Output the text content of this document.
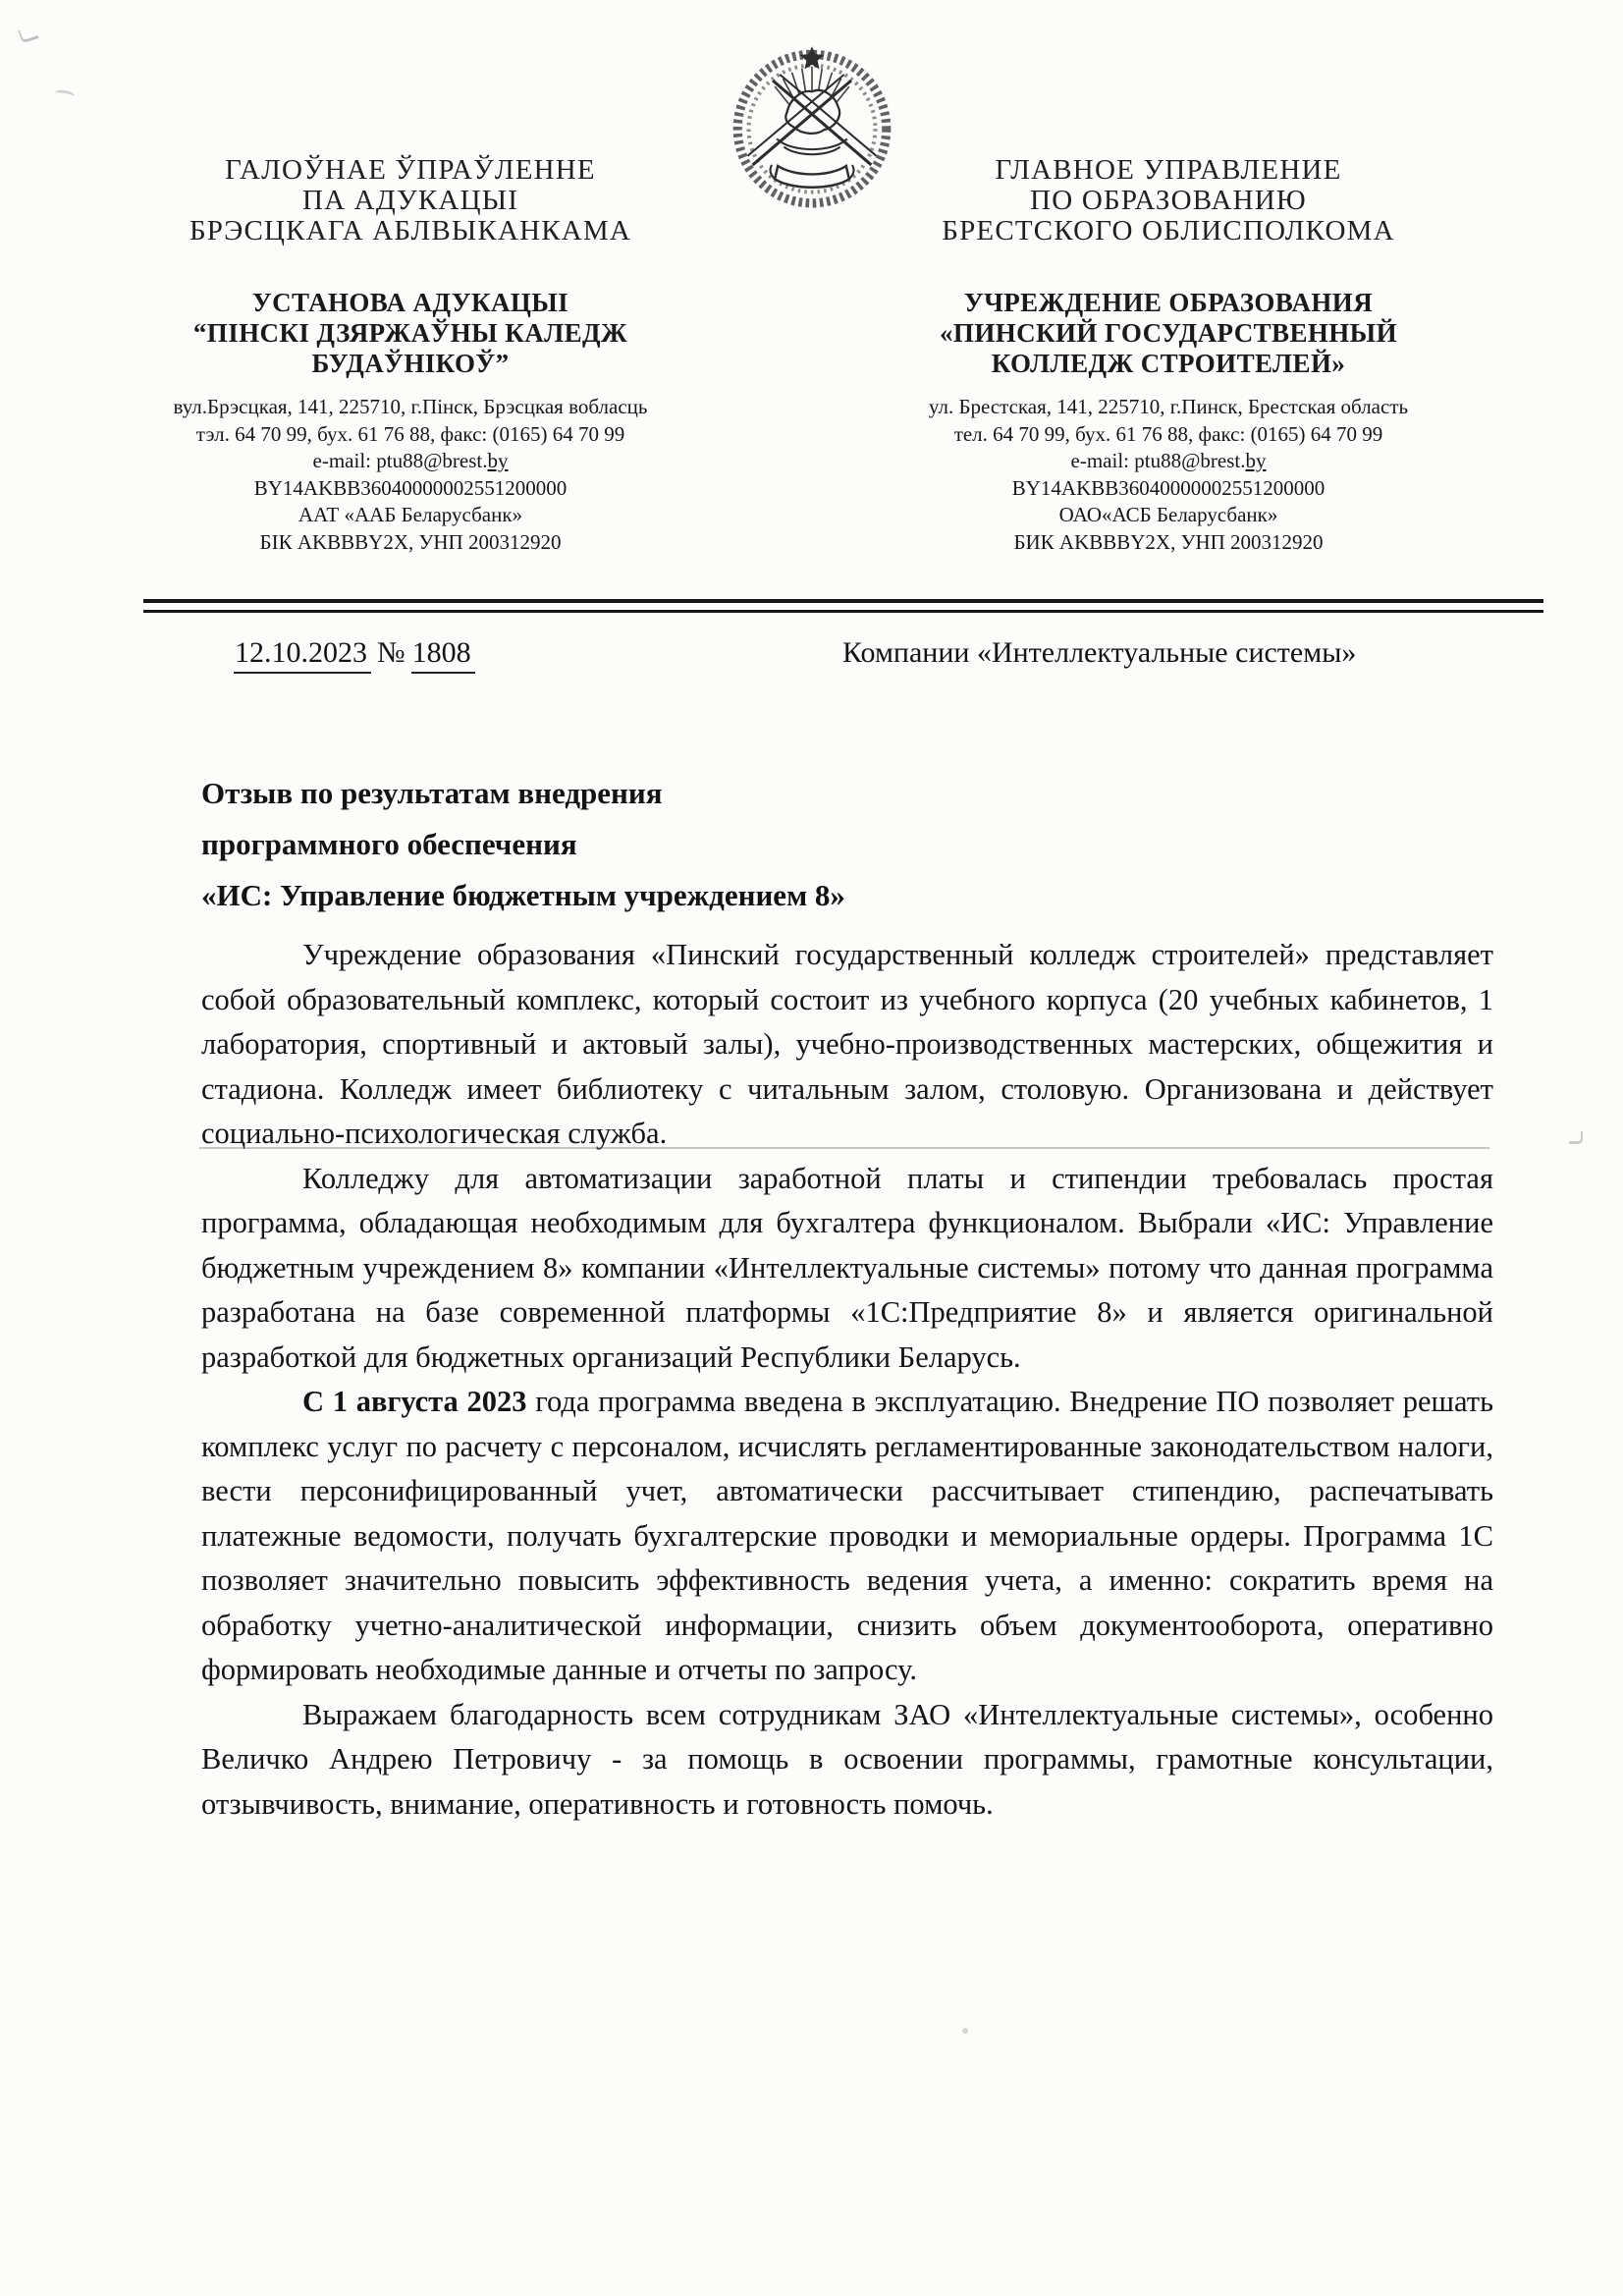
ГАЛОЎНАЕ ЎПРАЎЛЕННЕ
ПА АДУКАЦЫІ
БРЭСЦКАГА АБЛВЫКАНКАМА
УСТАНОВА АДУКАЦЫІ
“ПІНСКІ ДЗЯРЖАЎНЫ КАЛЕДЖ
БУДАЎНІКОЎ”
вул.Брэсцкая, 141, 225710, г.Пінск, Брэсцкая вобласць
тэл. 64 70 99, бух. 61 76 88, факс: (0165) 64 70 99
e-mail: ptu88@brest.by
BY14AKBB36040000002551200000
ААТ «ААБ Беларусбанк»
БІК AKBBBY2X, УНП 200312920
ГЛАВНОЕ УПРАВЛЕНИЕ
ПО ОБРАЗОВАНИЮ
БРЕСТСКОГО ОБЛИСПОЛКОМА
УЧРЕЖДЕНИЕ ОБРАЗОВАНИЯ
«ПИНСКИЙ ГОСУДАРСТВЕННЫЙ
КОЛЛЕДЖ СТРОИТЕЛЕЙ»
ул. Брестская, 141, 225710, г.Пинск, Брестская область
тел. 64 70 99, бух. 61 76 88, факс: (0165) 64 70 99
e-mail: ptu88@brest.by
BY14AKBB36040000002551200000
ОАО«АСБ Беларусбанк»
БИК AKBBBY2X, УНП 200312920
12.10.2023 № 1808	Компании «Интеллектуальные системы»
Отзыв по результатам внедрения
программного обеспечения
«ИС: Управление бюджетным учреждением 8»

Учреждение образования «Пинский государственный колледж строителей» представляет собой образовательный комплекс, который состоит из учебного корпуса (20 учебных кабинетов, 1 лаборатория, спортивный и актовый залы), учебно-производственных мастерских, общежития и стадиона. Колледж имеет библиотеку с читальным залом, столовую. Организована и действует социально-психологическая служба.

Колледжу для автоматизации заработной платы и стипендии требовалась простая программа, обладающая необходимым для бухгалтера функционалом. Выбрали «ИС: Управление бюджетным учреждением 8» компании «Интеллектуальные системы» потому что данная программа разработана на базе современной платформы «1С:Предприятие 8» и является оригинальной разработкой для бюджетных организаций Республики Беларусь.

С 1 августа 2023 года программа введена в эксплуатацию. Внедрение ПО позволяет решать комплекс услуг по расчету с персоналом, исчислять регламентированные законодательством налоги, вести персонифицированный учет, автоматически рассчитывает стипендию, распечатывать платежные ведомости, получать бухгалтерские проводки и мемориальные ордеры. Программа 1С позволяет значительно повысить эффективность ведения учета, а именно: сократить время на обработку учетно-аналитической информации, снизить объем документооборота, оперативно формировать необходимые данные и отчеты по запросу.

Выражаем благодарность всем сотрудникам ЗАО «Интеллектуальные системы», особенно Величко Андрею Петровичу - за помощь в освоении программы, грамотные консультации, отзывчивость, внимание, оперативность и готовность помочь.
